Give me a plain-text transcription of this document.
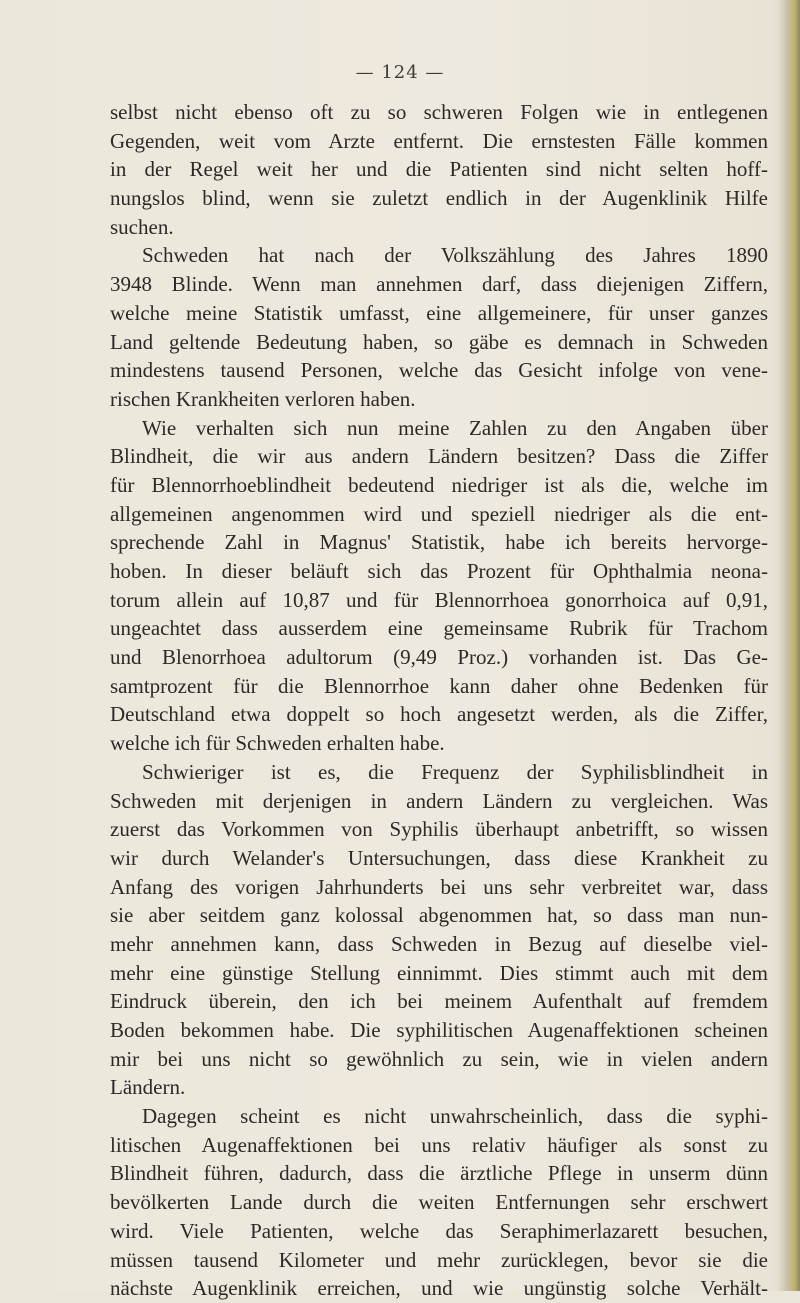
— 124 —
selbst nicht ebenso oft zu so schweren Folgen wie in entlegenen
Gegenden, weit vom Arzte entfernt. Die ernstesten Fälle kommen
in der Regel weit her und die Patienten sind nicht selten hoff-
nungslos blind, wenn sie zuletzt endlich in der Augenklinik Hilfe
suchen.
Schweden hat nach der Volkszählung des Jahres 1890
3948 Blinde. Wenn man annehmen darf, dass diejenigen Ziffern,
welche meine Statistik umfasst, eine allgemeinere, für unser ganzes
Land geltende Bedeutung haben, so gäbe es demnach in Schweden
mindestens tausend Personen, welche das Gesicht infolge von vene-
rischen Krankheiten verloren haben.
Wie verhalten sich nun meine Zahlen zu den Angaben über
Blindheit, die wir aus andern Ländern besitzen? Dass die Ziffer
für Blennorrhoeblindheit bedeutend niedriger ist als die, welche im
allgemeinen angenommen wird und speziell niedriger als die ent-
sprechende Zahl in Magnus' Statistik, habe ich bereits hervorge-
hoben. In dieser beläuft sich das Prozent für Ophthalmia neona-
torum allein auf 10,87 und für Blennorrhoea gonorrhoica auf 0,91,
ungeachtet dass ausserdem eine gemeinsame Rubrik für Trachom
und Blenorrhoea adultorum (9,49 Proz.) vorhanden ist. Das Ge-
samtprozent für die Blennorrhoe kann daher ohne Bedenken für
Deutschland etwa doppelt so hoch angesetzt werden, als die Ziffer,
welche ich für Schweden erhalten habe.
Schwieriger ist es, die Frequenz der Syphilisblindheit in
Schweden mit derjenigen in andern Ländern zu vergleichen. Was
zuerst das Vorkommen von Syphilis überhaupt anbetrifft, so wissen
wir durch Welander's Untersuchungen, dass diese Krankheit zu
Anfang des vorigen Jahrhunderts bei uns sehr verbreitet war, dass
sie aber seitdem ganz kolossal abgenommen hat, so dass man nun-
mehr annehmen kann, dass Schweden in Bezug auf dieselbe viel-
mehr eine günstige Stellung einnimmt. Dies stimmt auch mit dem
Eindruck überein, den ich bei meinem Aufenthalt auf fremdem
Boden bekommen habe. Die syphilitischen Augenaffektionen scheinen
mir bei uns nicht so gewöhnlich zu sein, wie in vielen andern
Ländern.
Dagegen scheint es nicht unwahrscheinlich, dass die syphi-
litischen Augenaffektionen bei uns relativ häufiger als sonst zu
Blindheit führen, dadurch, dass die ärztliche Pflege in unserm dünn
bevölkerten Lande durch die weiten Entfernungen sehr erschwert
wird. Viele Patienten, welche das Seraphimerlazarett besuchen,
müssen tausend Kilometer und mehr zurücklegen, bevor sie die
nächste Augenklinik erreichen, und wie ungünstig solche Verhält-
